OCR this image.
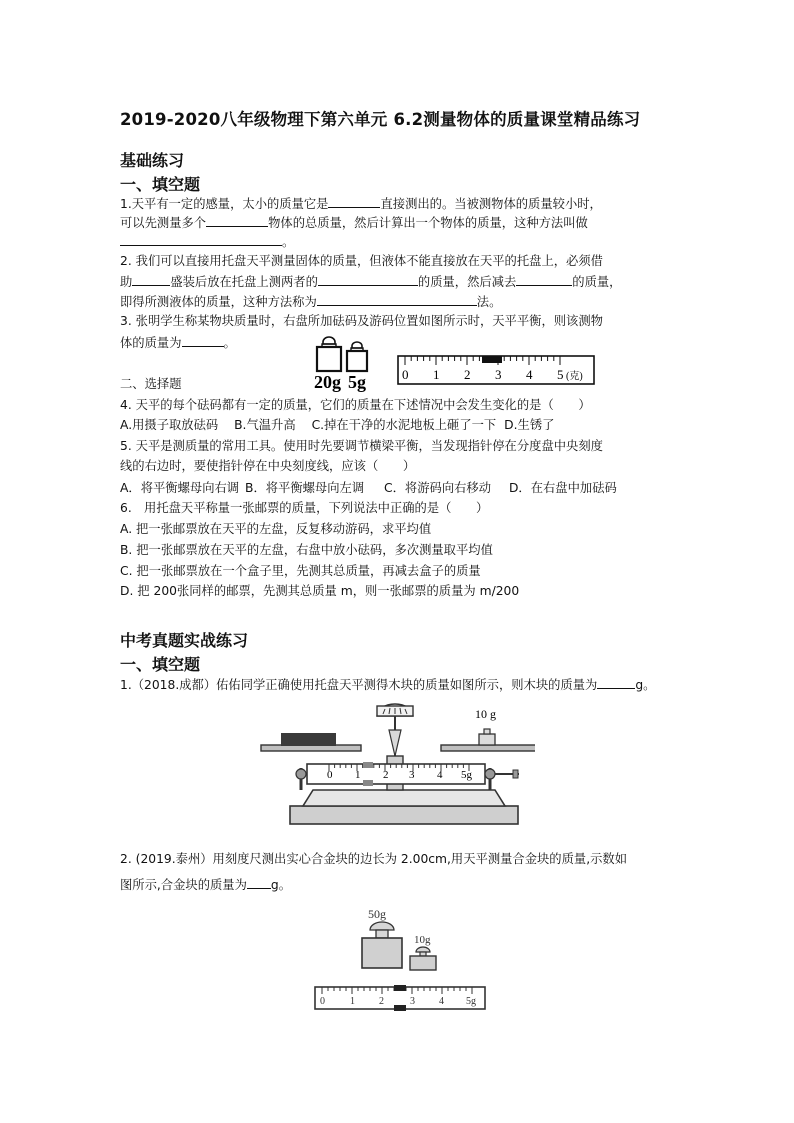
2019-2020八年级物理下第六单元 6.2测量物体的质量课堂精品练习
基础练习
一、填空题
1.天平有一定的感量，太小的质量它是	直接测出的。当被测物体的质量较小时，
可以先测量多个	物体的总质量，然后计算出一个物体的质量，这种方法叫做
。
2. 我们可以直接用托盘天平测量固体的质量，但液体不能直接放在天平的托盘上，必须借
助	盛装后放在托盘上测两者的	的质量，然后减去	的质量，
即得所测液体的质量，这种方法称为	法。
3. 张明学生称某物块质量时，右盘所加砝码及游码位置如图所示时，天平平衡，则该测物
体的质量为	。
20g 5g	0 1 2 3 4 5 (克)
二、选择题
4. 天平的每个砝码都有一定的质量，它们的质量在下述情况中会发生变化的是（　　）
A.用摄子取放砝码 B.气温升高 C.掉在干净的水泥地板上砸了一下 D.生锈了
5. 天平是测质量的常用工具。使用时先要调节横梁平衡，当发现指针停在分度盘中央刻度
线的右边时，要使指针停在中央刻度线，应该（　　）
A．将平衡螺母向右调 B．将平衡螺母向左调 C．将游码向右移动 D．在右盘中加砝码
6.　用托盘天平称量一张邮票的质量，下列说法中正确的是（　　）
A. 把一张邮票放在天平的左盘，反复移动游码，求平均值
B. 把一张邮票放在天平的左盘，右盘中放小砝码，多次测量取平均值
C. 把一张邮票放在一个盒子里，先测其总质量，再减去盒子的质量
D. 把 200张同样的邮票，先测其总质量 m，则一张邮票的质量为 m/200
中考真题实战练习
一、填空题
1.（2018.成都）佑佑同学正确使用托盘天平测得木块的质量如图所示，则木块的质量为	g。
10 g
0 1 2 3 4 5g
2. (2019.泰州）用刻度尺测出实心合金块的边长为 2.00cm,用天平测量合金块的质量,示数如
图所示,合金块的质量为 g。
50g
10g
0	1 2	3 4 5g
